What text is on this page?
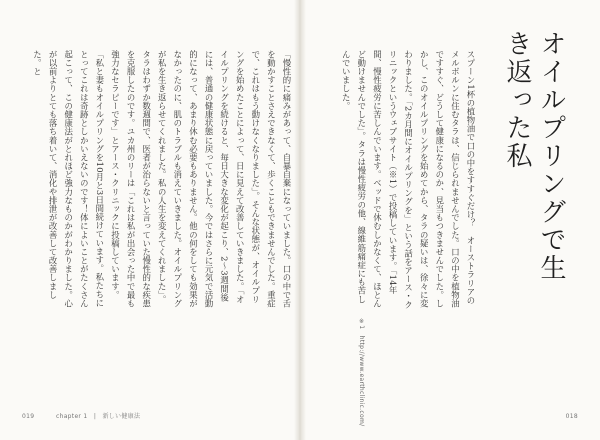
「慢性的に痛みがあって、自暴自棄になっていました。口の中で舌を動かすことさえできなくて、歩くこともできませんでした。重症で、これはもう動けなくなりました」。そんな状態が、オイルプリングを始めたことによって、日に見えて改善していきました。「オイルプリングを続けると、毎日大きな変化が起こり、2〜3週間後には、普通の健康状態に戻っていました。今ではさらに元気で活動的になって、あまり休む必要もありません。他の何をしても効果がなかったのに、肌のトラブルも消えていきました。オイルプリングが私を生き返らせてくれました。私の人生を変えてくれました」。タラはわずか数週間で、医者が治らないと言っていた慢性的な疾患を克服したのです。ユカ州のリーは「これは私が出会った中で最も強力なセラピーです」とアース・クリニックに投稿しています。「私と妻もオイルプリングを10月と3日間続けています。私たちにとってこれは奇跡としかいえないのです！体によいことがたくさん起こって、この健康法がとれほど強力なものかがわかりました。心が以前よりとても落ち着いて、消化や排泄が改善して改善しました。と	スプーン1杯の植物油で口の中をすすぐだけ？　オーストラリアのメルボルンに住むタラは、信じられませんでした。口の中を植物油ですすぐ、どうして健康になるのか、見当もつきませんでした。しかし、このオイルプリングを始めてから、タラの疑いは、徐々に変わりました。「2カ月間にオイルプリングを」という話をアース・クリニックというウェブサイト（※1）で投稿しています。「14年間、慢性疲労に苦しんでいます。ベッドで休むしかなくて、ほとんど動けませんでした」。タラは慢性疲労の他、線維筋痛症にも苦しんでいました。	オイルプリングで生き返った私
※1　http://www.earthclinic.com/
019	chapter 1　|　新しい健康法	018
